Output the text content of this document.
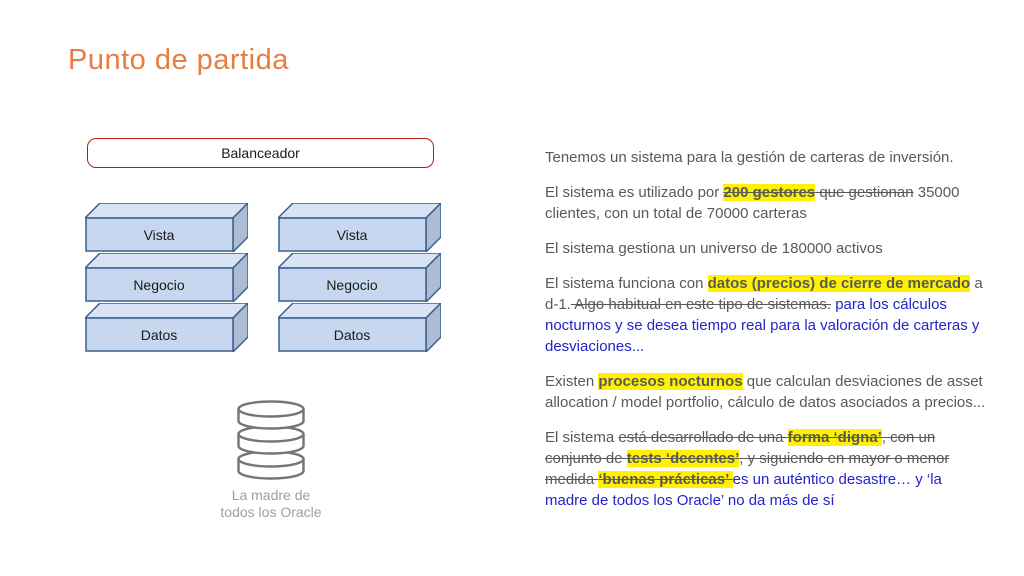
Punto de partida
Balanceador
Vista
Negocio
Datos
Vista
Negocio
Datos
La madre de
todos los Oracle

Tenemos un sistema para la gestión de carteras de inversión.

El sistema es utilizado por 200 gestores que gestionan 35000 clientes, con un total de 70000 carteras

El sistema gestiona un universo de 180000 activos

El sistema funciona con datos (precios) de cierre de mercado a d-1. Algo habitual en este tipo de sistemas. para los cálculos nocturnos y se desea tiempo real para la valoración de carteras y desviaciones...

Existen procesos nocturnos que calculan desviaciones de asset allocation / model portfolio, cálculo de datos asociados a precios...

El sistema está desarrollado de una forma ‘digna’, con un conjunto de tests ‘decentes’, y siguiendo en mayor o menor medida ‘buenas prácticas’ es un auténtico desastre… y ‘la madre de todos los Oracle’ no da más de sí
